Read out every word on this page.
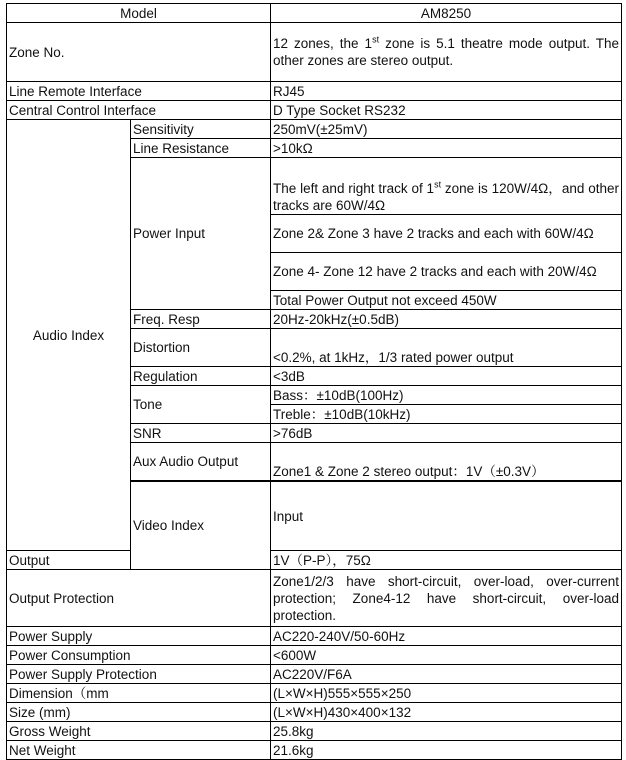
Model		AM8250	
Zone No.		12 zones, the 1st zone is 5.1 theatre mode output. The other zones are stereo output.	
Line Remote Interface		RJ45	
Central Control Interface		D Type Socket RS232	
Audio Index	Sensitivity	250mV(±25mV)	
	Line Resistance	>10kΩ	
	Power Input	The left and right track of 1st zone is 120W/4Ω，and other tracks are 60W/4Ω	
		Zone 2& Zone 3 have 2 tracks and each with 60W/4Ω	
		Zone 4- Zone 12 have 2 tracks and each with 20W/4Ω	
		Total Power Output not exceed 450W	
	Freq. Resp	20Hz-20kHz(±0.5dB)	
	Distortion	<0.2%, at 1kHz，1/3 rated power output	
	Regulation	<3dB	
	Tone	Bass：±10dB(100Hz)	
		Treble：±10dB(10kHz)	
	SNR	>76dB	
	Aux Audio Output	Zone1 & Zone 2 stereo output：1V（±0.3V）	

	Video Index	Input	
Output		1V（P-P），75Ω	
Output Protection		Zone1/2/3 have short-circuit, over-load, over-current protection; Zone4-12 have short-circuit, over-load protection.	
Power Supply		AC220-240V/50-60Hz	
Power Consumption		<600W	
Power Supply Protection		AC220V/F6A	
Dimension（mm		(L×W×H)555×555×250	
Size (mm)		(L×W×H)430×400×132	
Gross Weight		25.8kg	
Net Weight		21.6kg	
